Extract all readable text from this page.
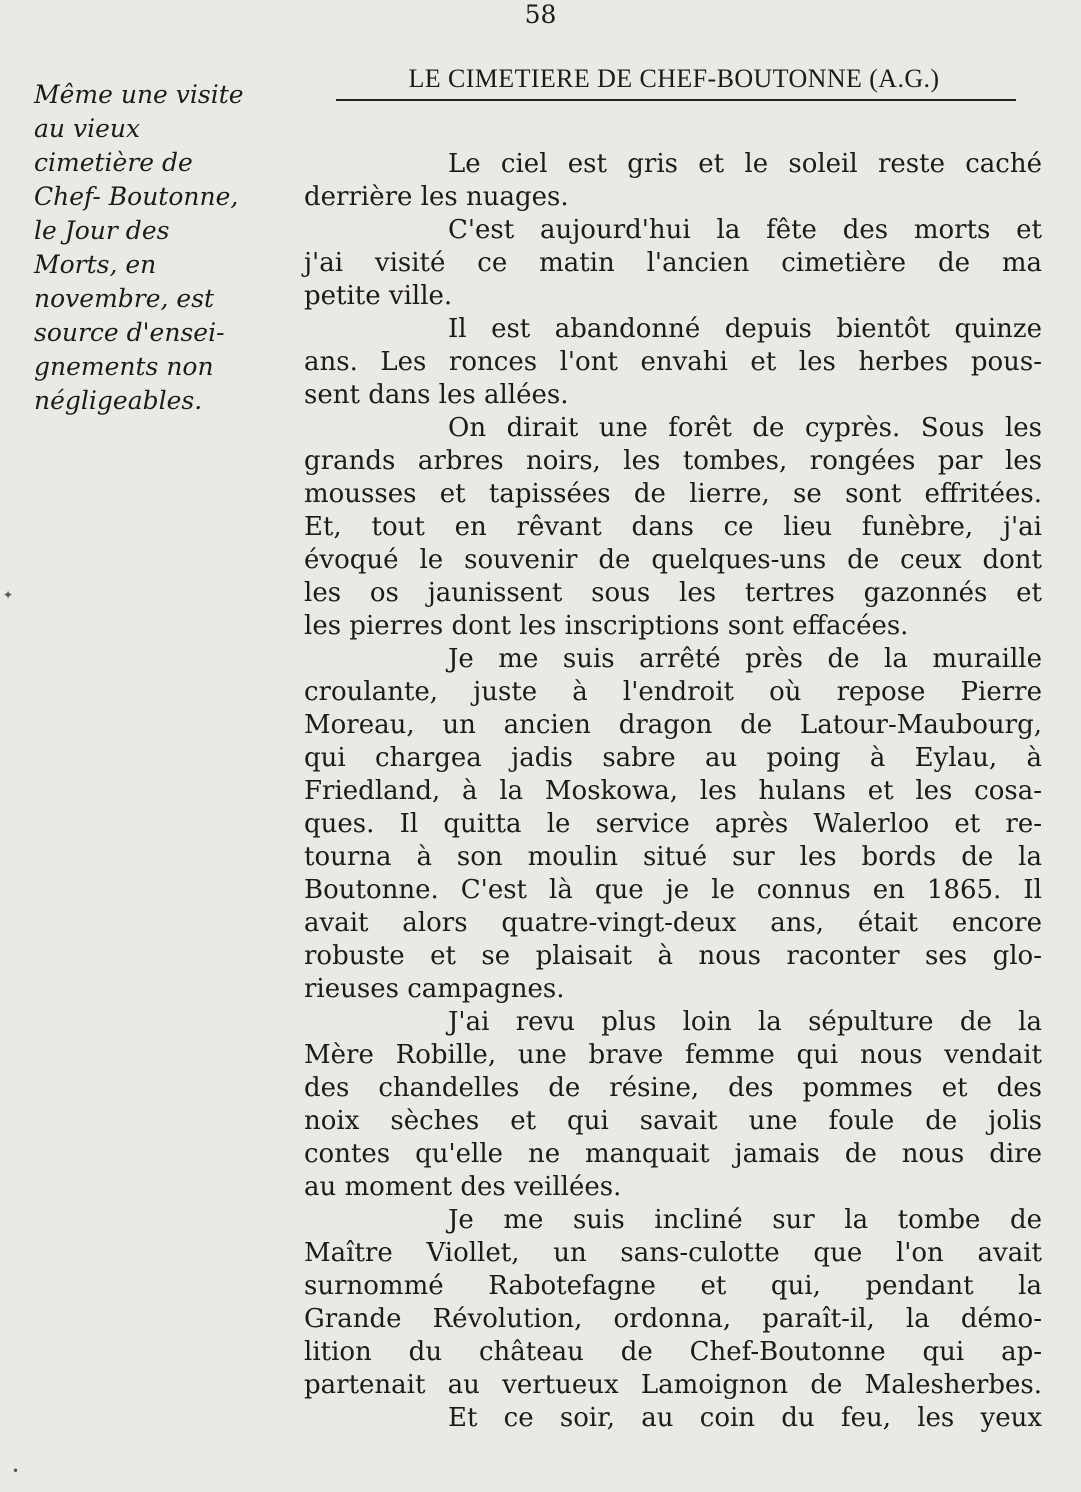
58
Même une visite
au vieux
cimetière de
Chef- Boutonne,
le Jour des
Morts, en
novembre, est
source d'ensei-
gnements non
négligeables.
LE CIMETIERE DE CHEF-BOUTONNE (A.G.)
Le ciel est gris et le soleil reste caché
derrière les nuages.
C'est aujourd'hui la fête des morts et
j'ai visité ce matin l'ancien cimetière de ma
petite ville.
Il est abandonné depuis bientôt quinze
ans. Les ronces l'ont envahi et les herbes pous-
sent dans les allées.
On dirait une forêt de cyprès. Sous les
grands arbres noirs, les tombes, rongées par les
mousses et tapissées de lierre, se sont effritées.
Et, tout en rêvant dans ce lieu funèbre, j'ai
évoqué le souvenir de quelques-uns de ceux dont
les os jaunissent sous les tertres gazonnés et
les pierres dont les inscriptions sont effacées.
Je me suis arrêté près de la muraille
croulante, juste à l'endroit où repose Pierre
Moreau, un ancien dragon de Latour-Maubourg,
qui chargea jadis sabre au poing à Eylau, à
Friedland, à la Moskowa, les hulans et les cosa-
ques. Il quitta le service après Walerloo et re-
tourna à son moulin situé sur les bords de la
Boutonne. C'est là que je le connus en 1865. Il
avait alors quatre-vingt-deux ans, était encore
robuste et se plaisait à nous raconter ses glo-
rieuses campagnes.
J'ai revu plus loin la sépulture de la
Mère Robille, une brave femme qui nous vendait
des chandelles de résine, des pommes et des
noix sèches et qui savait une foule de jolis
contes qu'elle ne manquait jamais de nous dire
au moment des veillées.
Je me suis incliné sur la tombe de
Maître Viollet, un sans-culotte que l'on avait
surnommé Rabotefagne et qui, pendant la
Grande Révolution, ordonna, paraît-il, la démo-
lition du château de Chef-Boutonne qui ap-
partenait au vertueux Lamoignon de Malesherbes.
Et ce soir, au coin du feu, les yeux
✦
•
